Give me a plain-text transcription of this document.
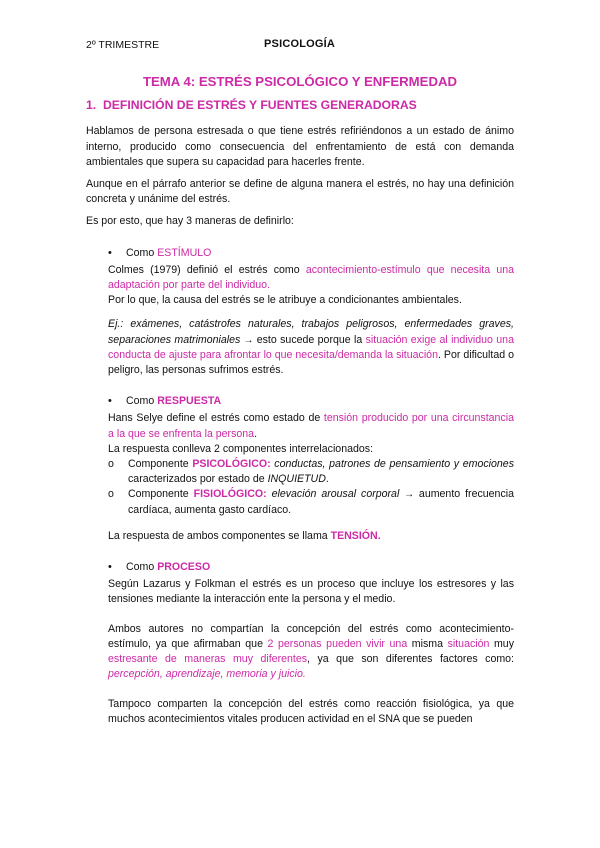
2º TRIMESTRE	PSICOLOGÍA
TEMA 4: ESTRÉS PSICOLÓGICO Y ENFERMEDAD
1. DEFINICIÓN DE ESTRÉS Y FUENTES GENERADORAS

Hablamos de persona estresada o que tiene estrés refiriéndonos a un estado de ánimo interno, producido como consecuencia del enfrentamiento de está con demanda ambientales que supera su capacidad para hacerles frente.

Aunque en el párrafo anterior se define de alguna manera el estrés, no hay una definición concreta y unánime del estrés.

Es por esto, que hay 3 maneras de definirlo:

• Como ESTÍMULO

Colmes (1979) definió el estrés como acontecimiento-estímulo que necesita una adaptación por parte del individuo.

Por lo que, la causa del estrés se le atribuye a condicionantes ambientales.

Ej.: exámenes, catástrofes naturales, trabajos peligrosos, enfermedades graves, separaciones matrimoniales → esto sucede porque la situación exige al individuo una conducta de ajuste para afrontar lo que necesita/demanda la situación. Por dificultad o peligro, las personas sufrimos estrés.

• Como RESPUESTA

Hans Selye define el estrés como estado de tensión producido por una circunstancia a la que se enfrenta la persona.

La respuesta conlleva 2 componentes interrelacionados:

o Componente PSICOLÓGICO: conductas, patrones de pensamiento y emociones caracterizados por estado de INQUIETUD.

o Componente FISIOLÓGICO: elevación arousal corporal → aumento frecuencia cardíaca, aumenta gasto cardíaco.

La respuesta de ambos componentes se llama TENSIÓN.

• Como PROCESO

Según Lazarus y Folkman el estrés es un proceso que incluye los estresores y las tensiones mediante la interacción ente la persona y el medio.

Ambos autores no compartían la concepción del estrés como acontecimiento-estímulo, ya que afirmaban que 2 personas pueden vivir una misma situación muy estresante de maneras muy diferentes, ya que son diferentes factores como: percepción, aprendizaje, memoria y juicio.

Tampoco comparten la concepción del estrés como reacción fisiológica, ya que muchos acontecimientos vitales producen actividad en el SNA que se pueden
